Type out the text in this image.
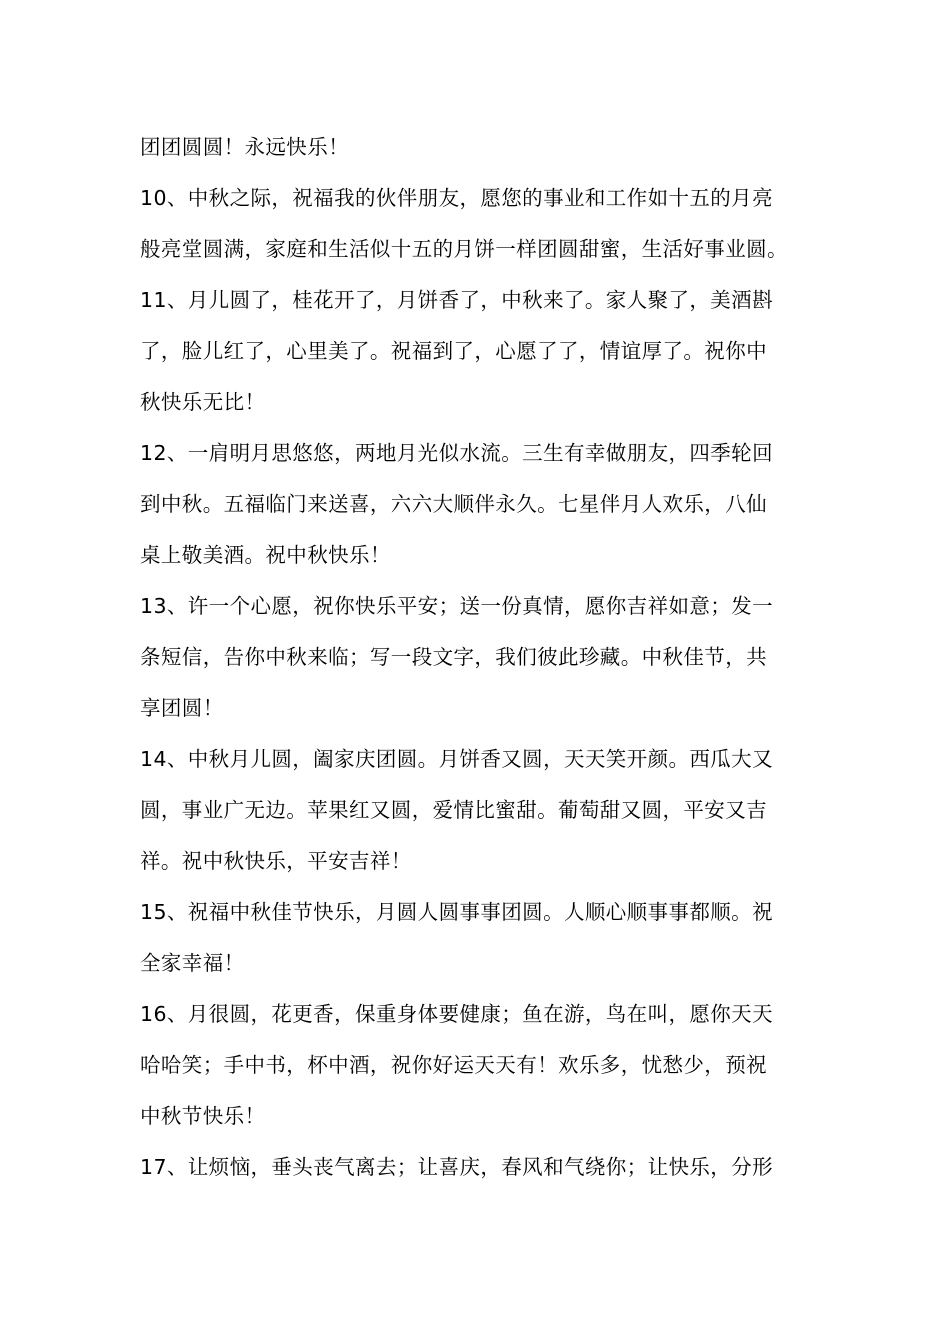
团团圆圆！永远快乐！
10、中秋之际，祝福我的伙伴朋友，愿您的事业和工作如十五的月亮
般亮堂圆满，家庭和生活似十五的月饼一样团圆甜蜜，生活好事业圆。
11、月儿圆了，桂花开了，月饼香了，中秋来了。家人聚了，美酒斟
了，脸儿红了，心里美了。祝福到了，心愿了了，情谊厚了。祝你中
秋快乐无比！
12、一肩明月思悠悠，两地月光似水流。三生有幸做朋友，四季轮回
到中秋。五福临门来送喜，六六大顺伴永久。七星伴月人欢乐，八仙
桌上敬美酒。祝中秋快乐！
13、许一个心愿，祝你快乐平安；送一份真情，愿你吉祥如意；发一
条短信，告你中秋来临；写一段文字，我们彼此珍藏。中秋佳节，共
享团圆！
14、中秋月儿圆，阖家庆团圆。月饼香又圆，天天笑开颜。西瓜大又
圆，事业广无边。苹果红又圆，爱情比蜜甜。葡萄甜又圆，平安又吉
祥。祝中秋快乐，平安吉祥！
15、祝福中秋佳节快乐，月圆人圆事事团圆。人顺心顺事事都顺。祝
全家幸福！
16、月很圆，花更香，保重身体要健康；鱼在游，鸟在叫，愿你天天
哈哈笑；手中书，杯中酒，祝你好运天天有！欢乐多，忧愁少，预祝
中秋节快乐！
17、让烦恼，垂头丧气离去；让喜庆，春风和气绕你；让快乐，分形
